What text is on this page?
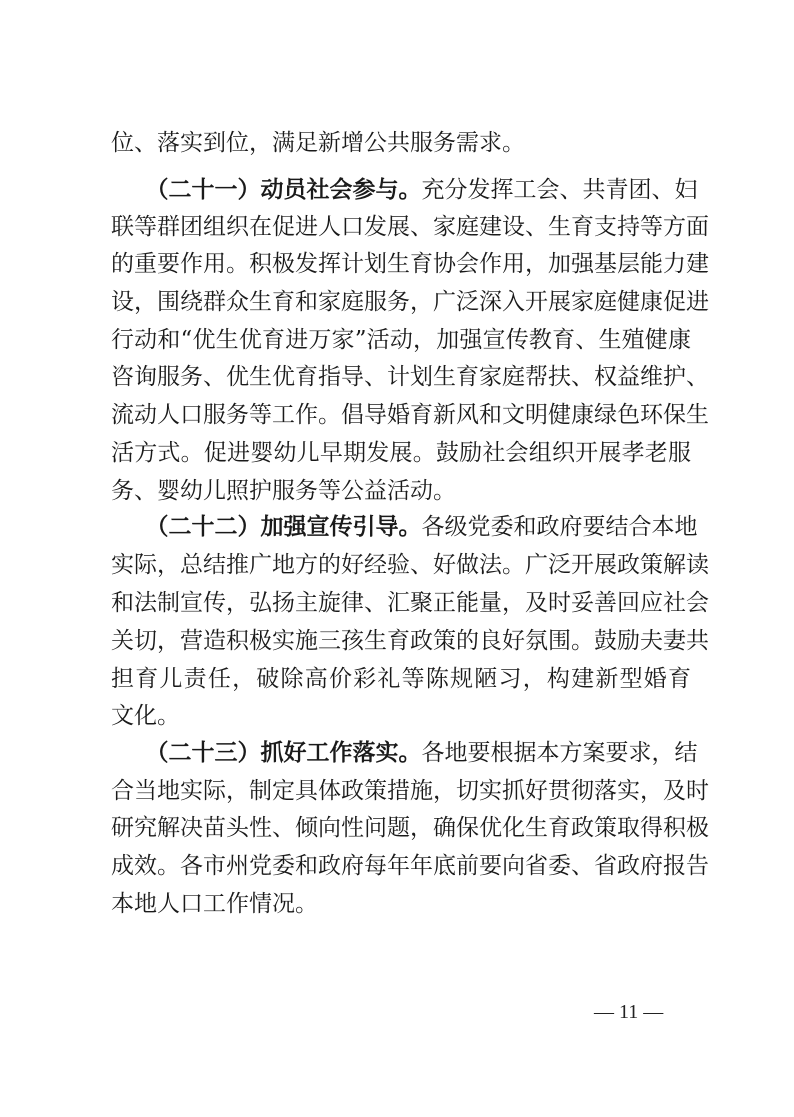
位、落实到位，满足新增公共服务需求。
　　（二十一）动员社会参与。充分发挥工会、共青团、妇
联等群团组织在促进人口发展、家庭建设、生育支持等方面
的重要作用。积极发挥计划生育协会作用，加强基层能力建
设，围绕群众生育和家庭服务，广泛深入开展家庭健康促进
行动和“优生优育进万家”活动，加强宣传教育、生殖健康
咨询服务、优生优育指导、计划生育家庭帮扶、权益维护、
流动人口服务等工作。倡导婚育新风和文明健康绿色环保生
活方式。促进婴幼儿早期发展。鼓励社会组织开展孝老服
务、婴幼儿照护服务等公益活动。
　　（二十二）加强宣传引导。各级党委和政府要结合本地
实际，总结推广地方的好经验、好做法。广泛开展政策解读
和法制宣传，弘扬主旋律、汇聚正能量，及时妥善回应社会
关切，营造积极实施三孩生育政策的良好氛围。鼓励夫妻共
担育儿责任，破除高价彩礼等陈规陋习，构建新型婚育
文化。
　　（二十三）抓好工作落实。各地要根据本方案要求，结
合当地实际，制定具体政策措施，切实抓好贯彻落实，及时
研究解决苗头性、倾向性问题，确保优化生育政策取得积极
成效。各市州党委和政府每年年底前要向省委、省政府报告
本地人口工作情况。
— 11 —
